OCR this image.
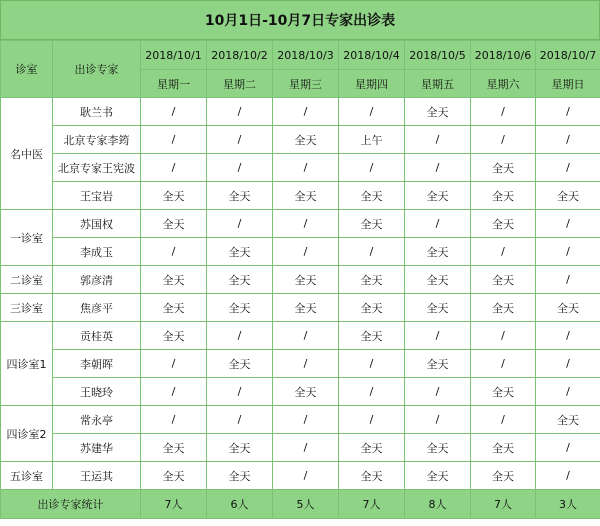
10月1日-10月7日专家出诊表
诊室	出诊专家	2018/10/1	2018/10/2	2018/10/3	2018/10/4	2018/10/5	2018/10/6	2018/10/7
		星期一	星期二	星期三	星期四	星期五	星期六	星期日
名中医	耿兰书	/	/	/	/	全天	/	/
	北京专家李筠	/	/	全天	上午	/	/	/
	北京专家王宪波	/	/	/	/	/	全天	/
	王宝岩	全天	全天	全天	全天	全天	全天	全天
一诊室	苏国权	全天	/	/	全天	/	全天	/
	李成玉	/	全天	/	/	全天	/	/
二诊室	郭彦清	全天	全天	全天	全天	全天	全天	/
三诊室	焦彦平	全天	全天	全天	全天	全天	全天	全天
四诊室1	贡桂英	全天	/	/	全天	/	/	/
	李朝晖	/	全天	/	/	全天	/	/
	王晓玲	/	/	全天	/	/	全天	/
四诊室2	常永亭	/	/	/	/	/	/	全天
	苏建华	全天	全天	/	全天	全天	全天	/
五诊室	王运其	全天	全天	/	全天	全天	全天	/
出诊专家统计		7人	6人	5人	7人	8人	7人	3人
